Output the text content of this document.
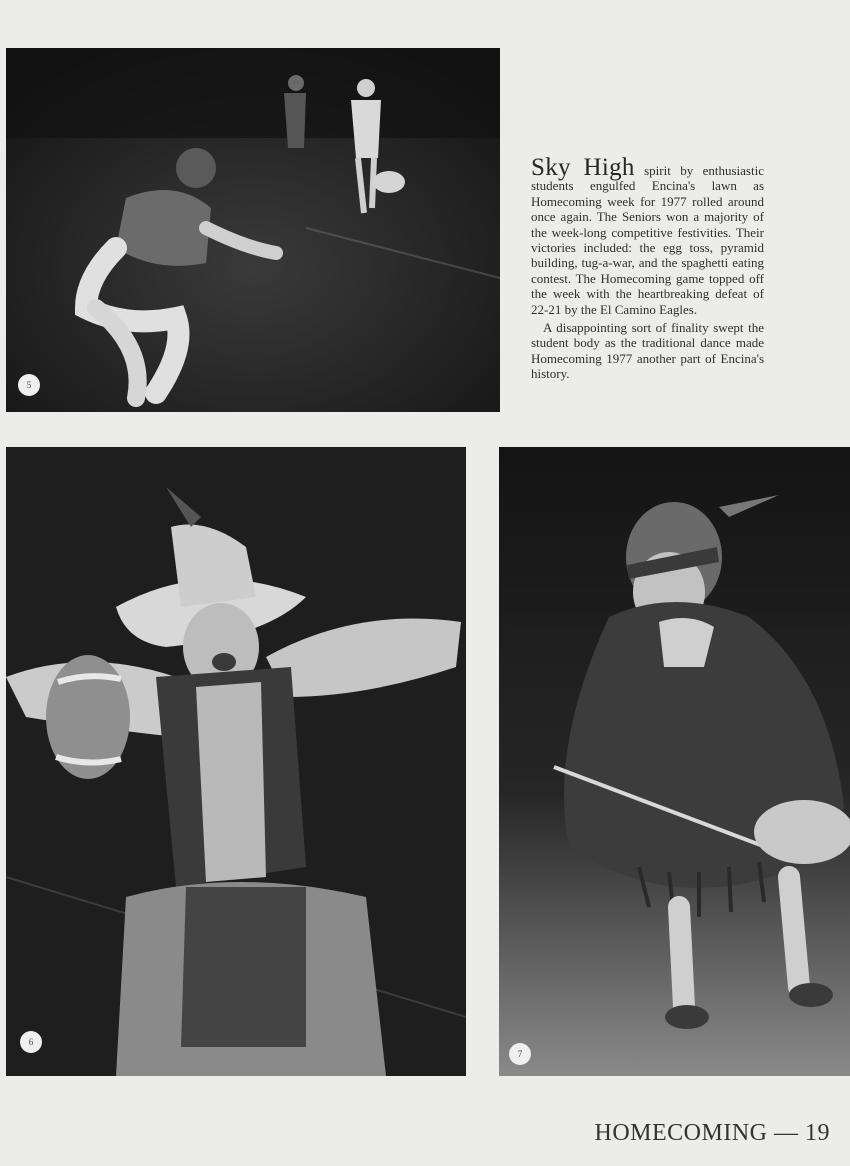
5
6
7

Sky High spirit by enthusiastic students engulfed Encina's lawn as Homecoming week for 1977 rolled around once again. The Seniors won a majority of the week-long competitive festivities. Their victories included: the egg toss, pyramid building, tug-a-war, and the spaghetti eating contest. The Homecoming game topped off the week with the heartbreaking defeat of 22-21 by the El Camino Eagles.

A disappointing sort of finality swept the student body as the traditional dance made Homecoming 1977 another part of Encina's history.

HOMECOMING — 19
